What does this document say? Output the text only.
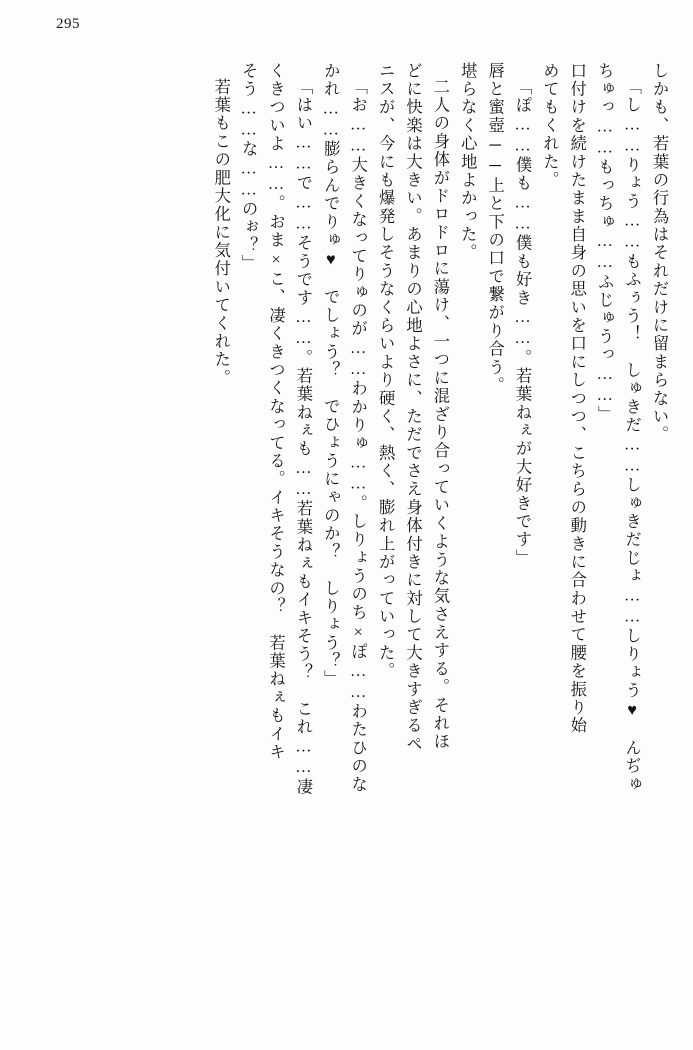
295
しかも、若葉の行為はそれだけに留まらない。
「し……りょう……もふぅう！　しゅきだ……しゅきだじょ……しりょう♥　んぢゅ
ちゅっ……もっちゅ……ふじゅうっ……」
口付けを続けたまま自身の思いを口にしつつ、こちらの動きに合わせて腰を振り始
めてもくれた。
「ぽ……僕も……僕も好き……。若葉ねぇが大好きです」
唇と蜜壺──上と下の口で繋がり合う。
堪らなく心地よかった。
二人の身体がドロドロに蕩け、一つに混ざり合っていくような気さえする。それほ
どに快楽は大きい。あまりの心地よさに、ただでさえ身体付きに対して大きすぎるペ
ニスが、今にも爆発しそうなくらいより硬く、熱く、膨れ上がっていった。
「お……大きくなってりゅのが……わかりゅ……。しりょうのち×ぽ……わたひのな
かれ……膨らんでりゅ♥　でしょう？　でひょうにゃのか？　しりょう？」
「はい……で……そうです……。若葉ねぇも……若葉ねぇもイキそう？　これ……凄
くきついよ……。おま×こ、凄くきつくなってる。イキそうなの？　若葉ねぇもイキ
そう……な……のぉ？」
若葉もこの肥大化に気付いてくれた。
